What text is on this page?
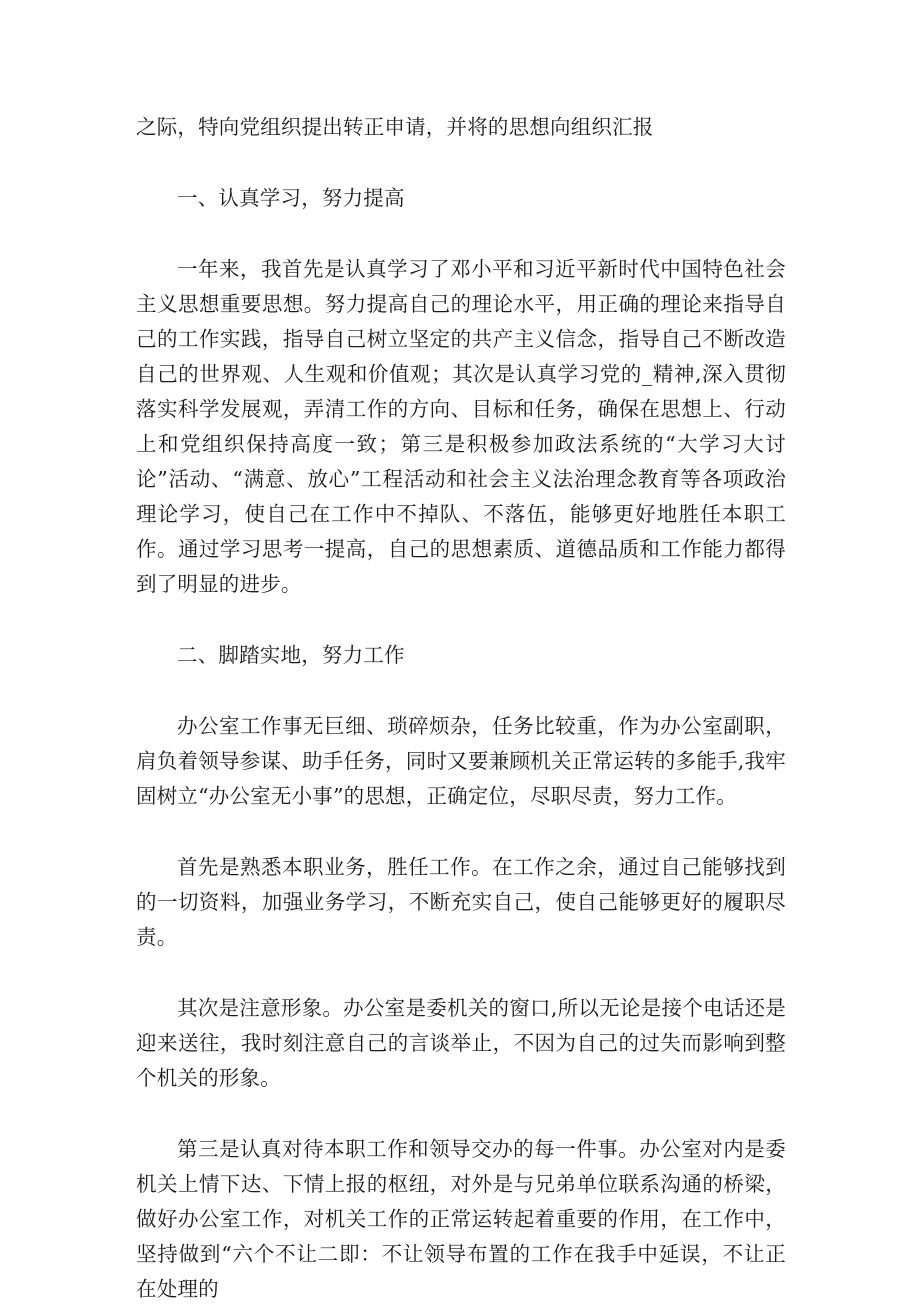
之际，特向党组织提出转正申请，并将的思想向组织汇报

一、认真学习，努力提高

一年来，我首先是认真学习了邓小平和习近平新时代中国特色社会主义思想重要思想。努力提高自己的理论水平，用正确的理论来指导自己的工作实践，指导自己树立坚定的共产主义信念，指导自己不断改造自己的世界观、人生观和价值观；其次是认真学习党的_精神,深入贯彻落实科学发展观，弄清工作的方向、目标和任务，确保在思想上、行动上和党组织保持高度一致；第三是积极参加政法系统的“大学习大讨论”活动、“满意、放心”工程活动和社会主义法治理念教育等各项政治理论学习，使自己在工作中不掉队、不落伍，能够更好地胜任本职工作。通过学习思考一提高，自己的思想素质、道德品质和工作能力都得到了明显的进步。

二、脚踏实地，努力工作

办公室工作事无巨细、琐碎烦杂，任务比较重，作为办公室副职，肩负着领导参谋、助手任务，同时又要兼顾机关正常运转的多能手,我牢固树立“办公室无小事”的思想，正确定位，尽职尽责，努力工作。

首先是熟悉本职业务，胜任工作。在工作之余，通过自己能够找到的一切资料，加强业务学习，不断充实自己，使自己能够更好的履职尽责。

其次是注意形象。办公室是委机关的窗口,所以无论是接个电话还是迎来送往，我时刻注意自己的言谈举止，不因为自己的过失而影响到整个机关的形象。

第三是认真对待本职工作和领导交办的每一件事。办公室对内是委机关上情下达、下情上报的枢纽，对外是与兄弟单位联系沟通的桥梁，做好办公室工作，对机关工作的正常运转起着重要的作用，在工作中，坚持做到“六个不让二即：不让领导布置的工作在我手中延误，不让正在处理的
